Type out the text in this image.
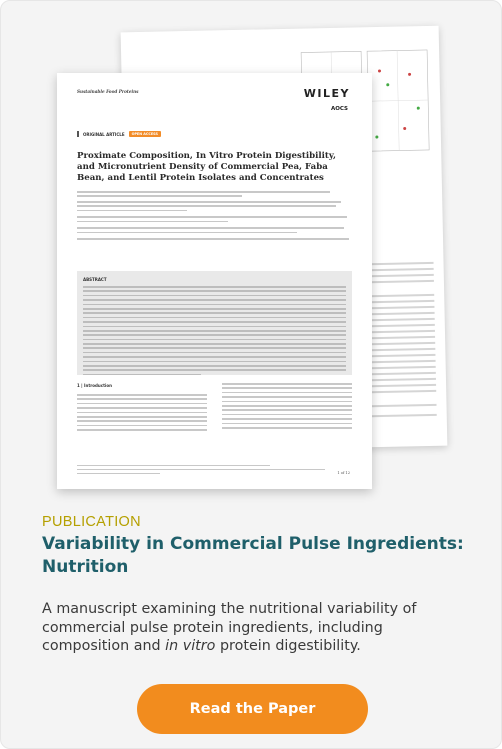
Sustainable Food Proteins	WILEY
AOCS
ORIGINAL ARTICLE	OPEN ACCESS
Proximate Composition, In Vitro Protein Digestibility, and Micronutrient Density of Commercial Pea, Faba Bean, and Lentil Protein Isolates and Concentrates
ABSTRACT
1 | Introduction
1 of 12
PUBLICATION
Variability in Commercial Pulse Ingredients: Nutrition

A manuscript examining the nutritional variability of commercial pulse protein ingredients, including composition and in vitro protein digestibility.

Read the Paper
